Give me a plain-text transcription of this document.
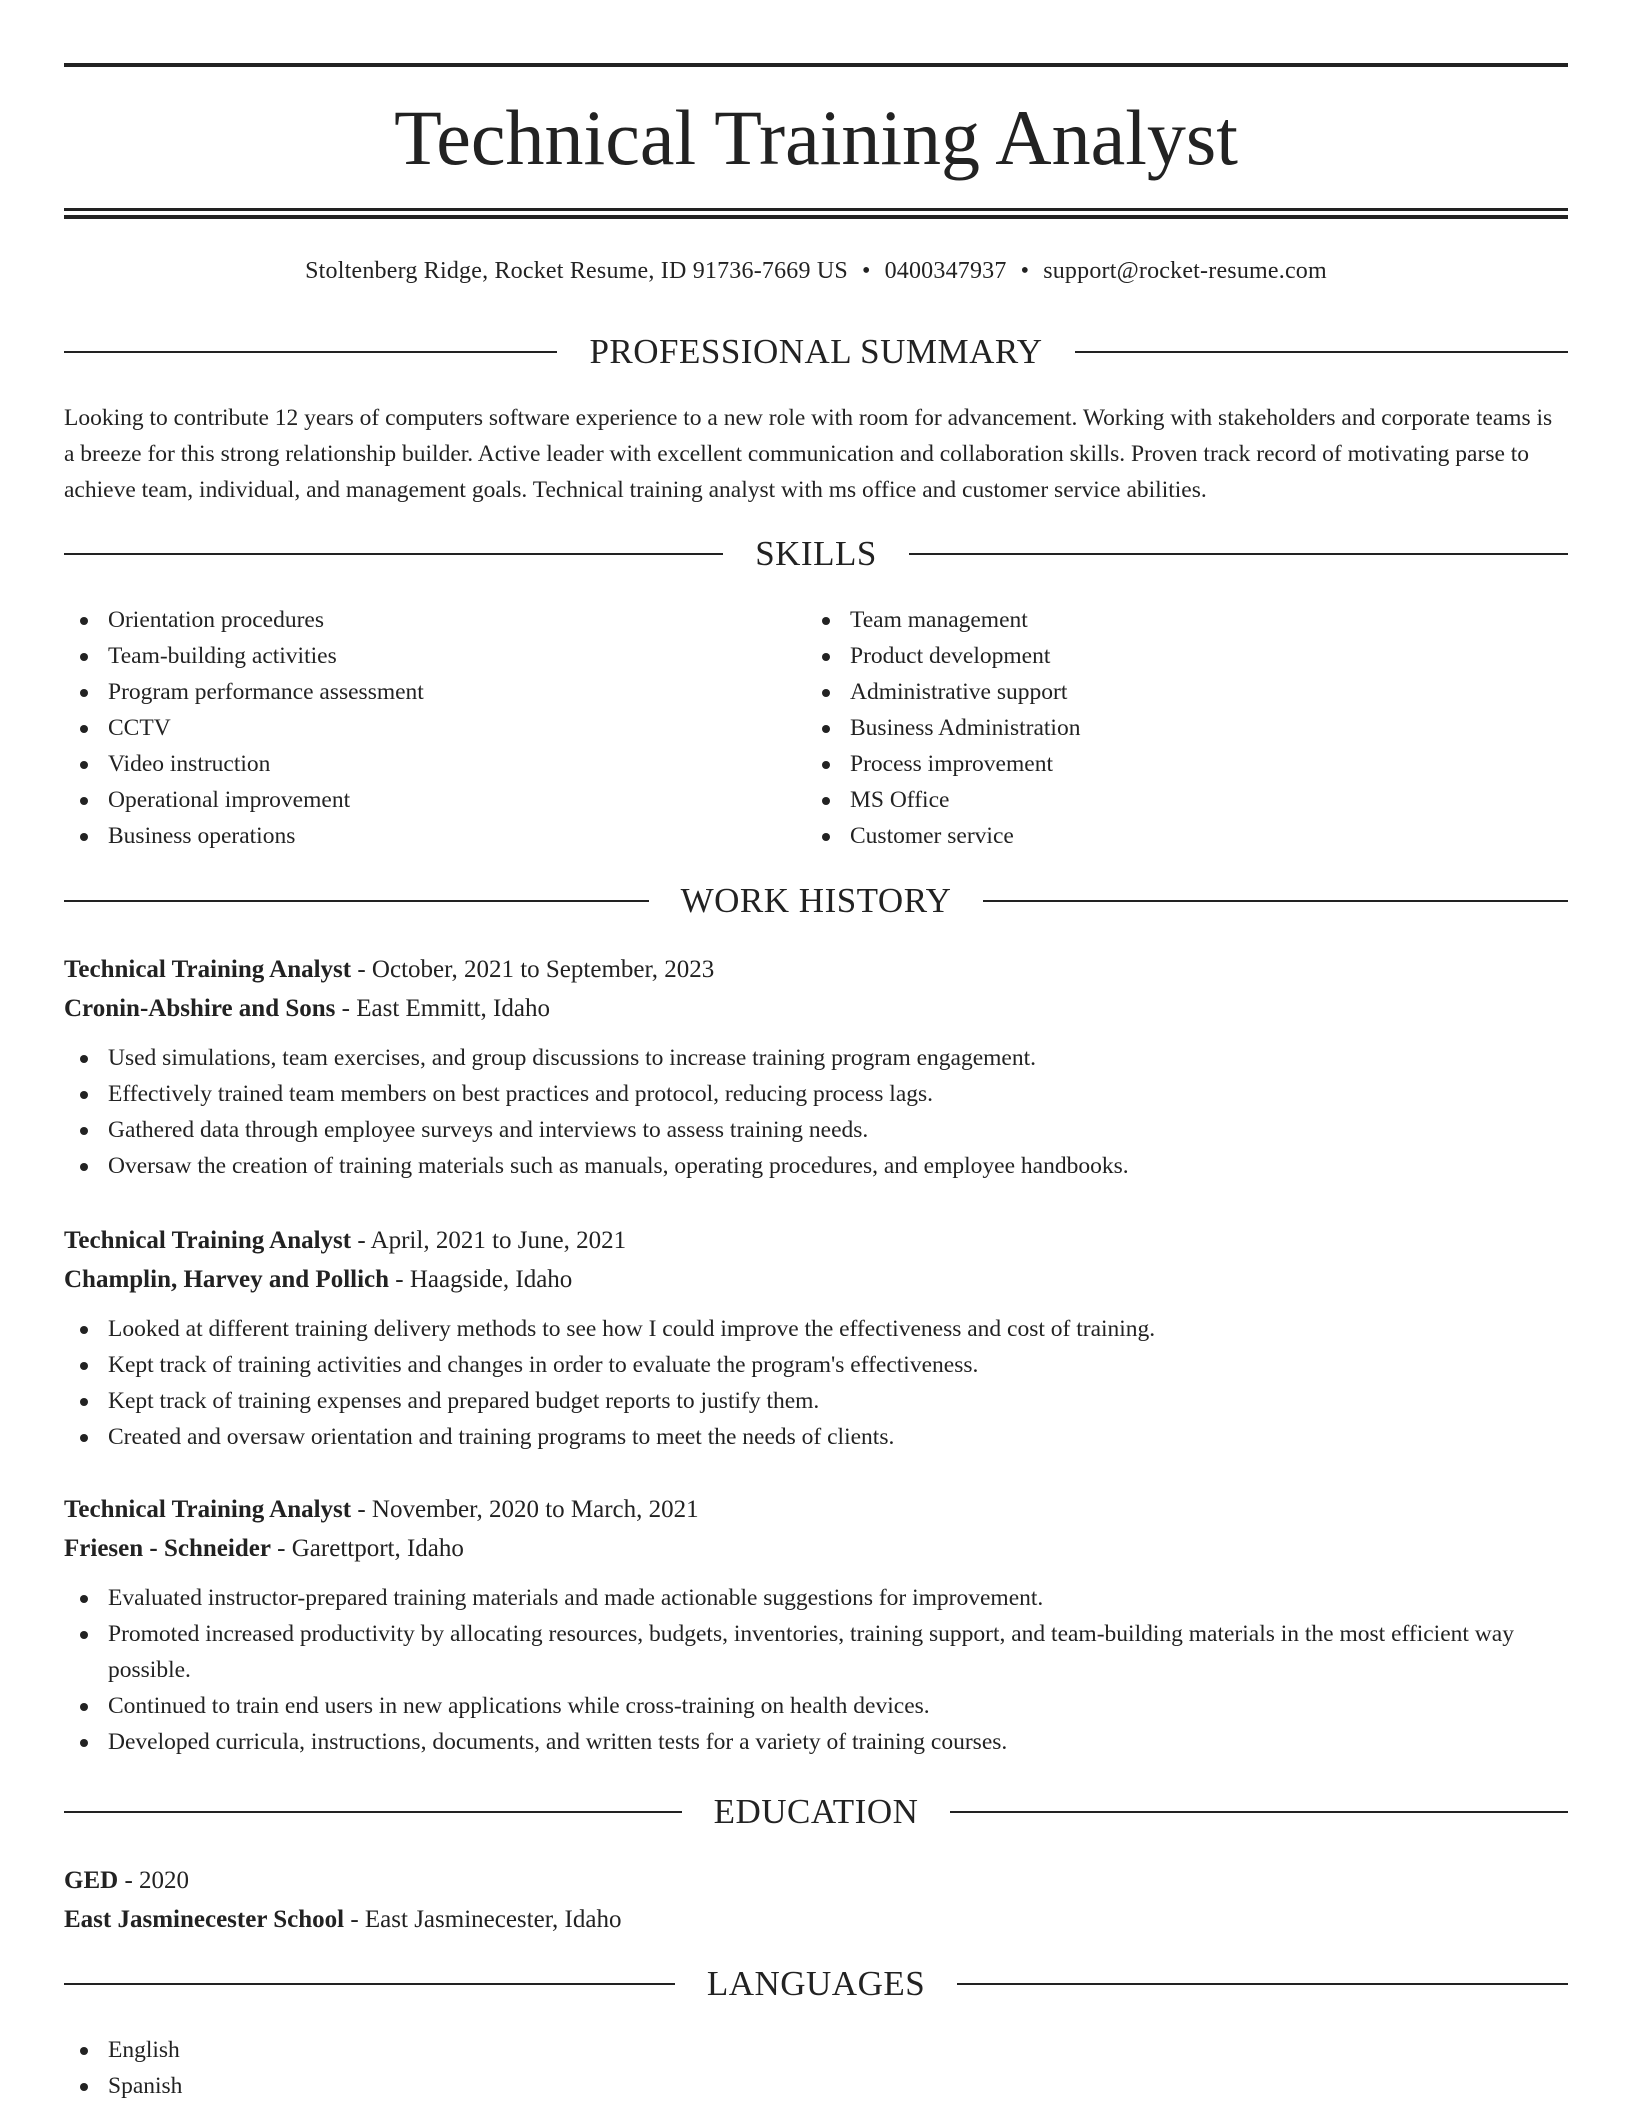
Technical Training Analyst
Stoltenberg Ridge, Rocket Resume, ID 91736-7669 US • 0400347937 • support@rocket-resume.com
PROFESSIONAL SUMMARY

Looking to contribute 12 years of computers software experience to a new role with room for advancement. Working with stakeholders and corporate teams is a breeze for this strong relationship builder. Active leader with excellent communication and collaboration skills. Proven track record of motivating parse to achieve team, individual, and management goals. Technical training analyst with ms office and customer service abilities.

SKILLS
Orientation procedures
Team-building activities
Program performance assessment
CCTV
Video instruction
Operational improvement
Business operations
Team management
Product development
Administrative support
Business Administration
Process improvement
MS Office
Customer service
WORK HISTORY
Technical Training Analyst - October, 2021 to September, 2023
Cronin-Abshire and Sons - East Emmitt, Idaho
Used simulations, team exercises, and group discussions to increase training program engagement.
Effectively trained team members on best practices and protocol, reducing process lags.
Gathered data through employee surveys and interviews to assess training needs.
Oversaw the creation of training materials such as manuals, operating procedures, and employee handbooks.
Technical Training Analyst - April, 2021 to June, 2021
Champlin, Harvey and Pollich - Haagside, Idaho
Looked at different training delivery methods to see how I could improve the effectiveness and cost of training.
Kept track of training activities and changes in order to evaluate the program's effectiveness.
Kept track of training expenses and prepared budget reports to justify them.
Created and oversaw orientation and training programs to meet the needs of clients.
Technical Training Analyst - November, 2020 to March, 2021
Friesen - Schneider - Garettport, Idaho
Evaluated instructor-prepared training materials and made actionable suggestions for improvement.
Promoted increased productivity by allocating resources, budgets, inventories, training support, and team-building materials in the most efficient way possible.
Continued to train end users in new applications while cross-training on health devices.
Developed curricula, instructions, documents, and written tests for a variety of training courses.
EDUCATION
GED - 2020
East Jasminecester School - East Jasminecester, Idaho
LANGUAGES
English
Spanish
